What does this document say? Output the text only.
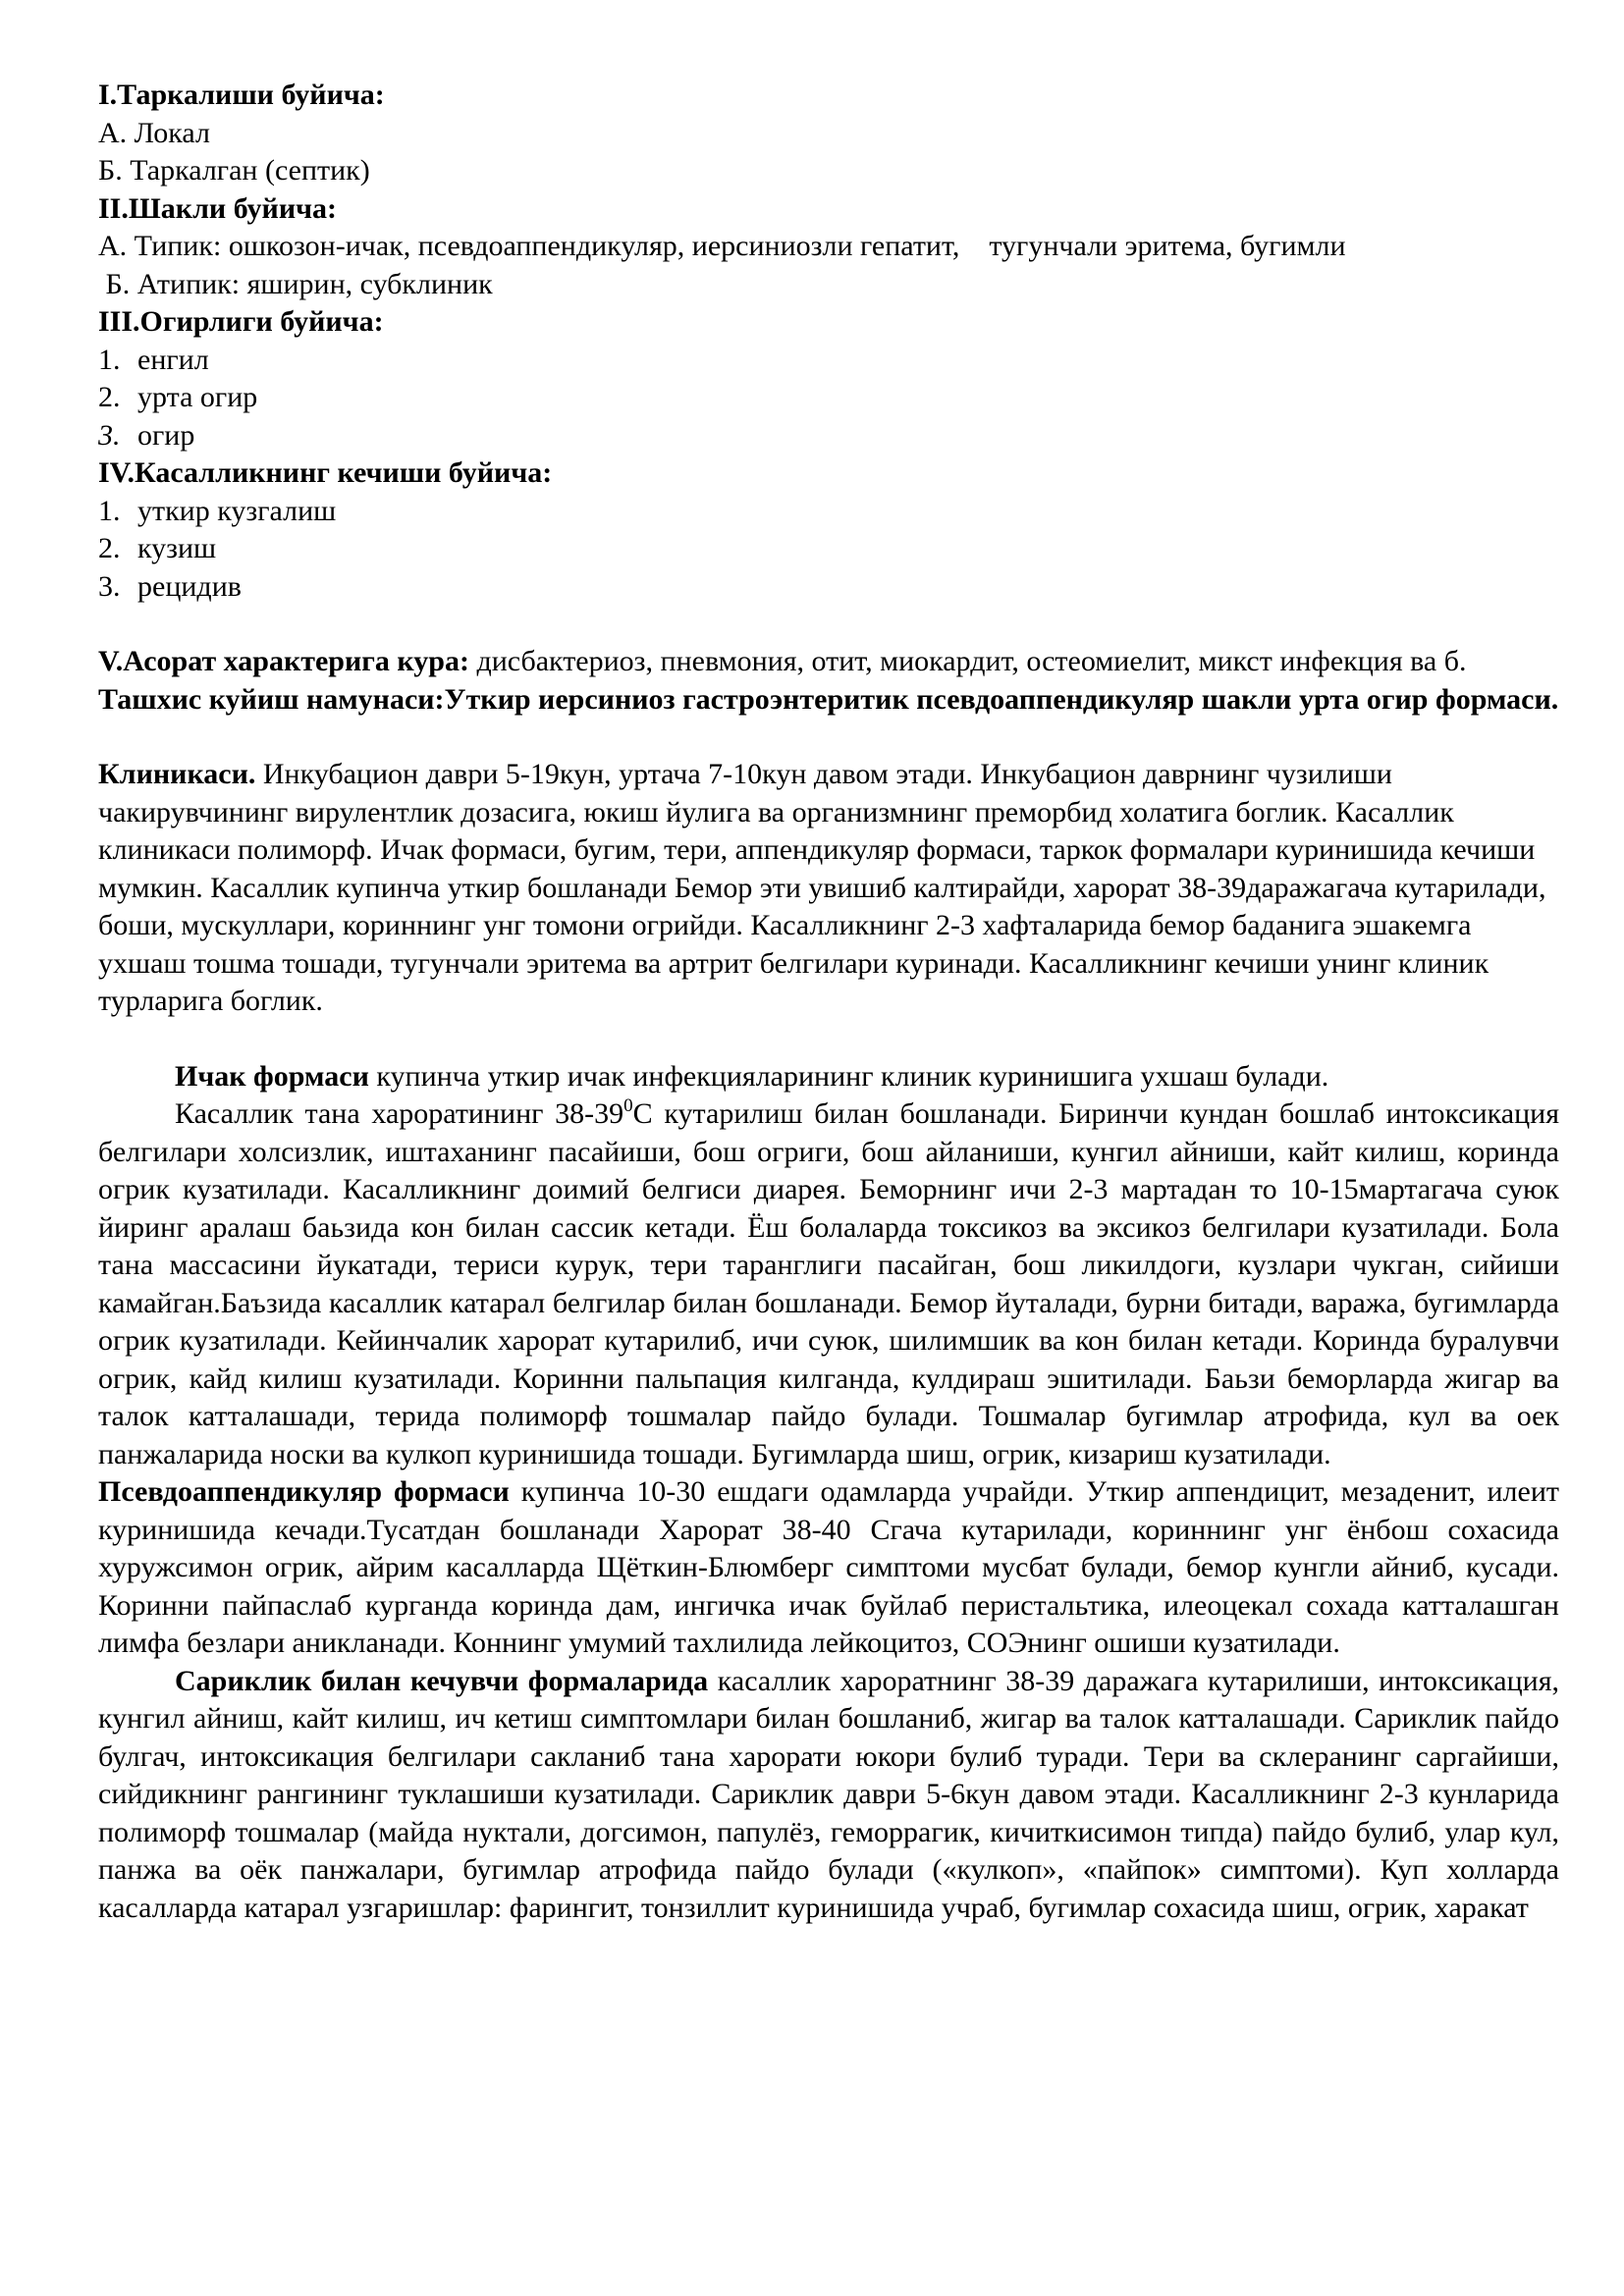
I.Таркалиши буйича:
А. Локал
Б. Таркалган (септик)
II.Шакли буйича:
А. Типик: ошкозон-ичак, псевдоаппендикуляр, иерсиниозли гепатит,    тугунчали эритема, бугимли
Б. Атипик: яширин, субклиник
III.Огирлиги буйича:
1. енгил
2. урта огир
3. огир
IV.Касалликнинг кечиши буйича:
1. уткир кузгалиш
2. кузиш
3. рецидив
V.Асорат характерига кура: дисбактериоз, пневмония, отит, миокардит, остеомиелит, микст инфекция ва б.
Ташхис куйиш намунаси:Уткир иерсиниоз гастроэнтеритик псевдоаппендикуляр шакли урта огир формаси.
Клиникаси. Инкубацион даври 5-19кун, уртача 7-10кун давом этади. Инкубацион даврнинг чузилиши чакирувчининг вирулентлик дозасига, юкиш йулига ва организмнинг преморбид холатига боглик. Касаллик клиникаси полиморф. Ичак формаси, бугим, тери, аппендикуляр формаси, таркок формалари куринишида кечиши мумкин. Касаллик купинча уткир бошланади Бемор эти увишиб калтирайди, харорат 38-39даражагача кутарилади, боши, мускуллари, кориннинг унг томони огрийди. Касалликнинг 2-3 хафталарида бемор баданига эшакемга ухшаш тошма тошади, тугунчали эритема ва артрит белгилари куринади. Касалликнинг кечиши унинг клиник турларига боглик.
Ичак формаси купинча уткир ичак инфекцияларининг клиник куринишига ухшаш булади.
Касаллик тана хароратининг $38-39^0С$ кутарилиш билан бошланади. Биринчи кундан бошлаб интоксикация белгилари холсизлик, иштаханинг пасайиши, бош огриги, бош айланиши, кунгил айниши, кайт килиш, коринда огрик кузатилади. Касалликнинг доимий белгиси диарея. Беморнинг ичи 2-3 мартадан то 10-15мартагача суюк йиринг аралаш баьзида кон билан сассик кетади. Ёш болаларда токсикоз ва эксикоз белгилари кузатилади. Бола тана массасини йукатади, териси курук, тери таранглиги пасайган, бош ликилдоги, кузлари чукган, сийиши камайган.Баъзида касаллик катарал белгилар билан бошланади. Бемор йуталади, бурни битади, ваража, бугимларда огрик кузатилади. Кейинчалик харорат кутарилиб, ичи суюк, шилимшик ва кон билан кетади. Коринда буралувчи огрик, кайд килиш кузатилади. Коринни пальпация килганда, кулдираш эшитилади. Баьзи беморларда жигар ва талок катталашади, терида полиморф тошмалар пайдо булади. Тошмалар бугимлар атрофида, кул ва оек панжаларида носки ва кулкоп куринишида тошади. Бугимларда шиш, огрик, кизариш кузатилади.
Псевдоаппендикуляр формаси купинча 10-30 ешдаги одамларда учрайди. Уткир аппендицит, мезаденит, илеит куринишида кечади.Тусатдан бошланади Харорат 38-40 Сгача кутарилади, кориннинг унг ёнбош сохасида хуружсимон огрик, айрим касалларда Щёткин-Блюмберг симптоми мусбат булади, бемор кунгли айниб, кусади. Коринни пайпаслаб курганда коринда дам, ингичка ичак буйлаб перистальтика, илеоцекал сохада катталашган лимфа безлари аникланади. Коннинг умумий тахлилида лейкоцитоз, СОЭнинг ошиши кузатилади.
Сариклик билан кечувчи формаларида касаллик хароратнинг 38-39 даражага кутарилиши, интоксикация, кунгил айниш, кайт килиш, ич кетиш симптомлари билан бошланиб, жигар ва талок катталашади. Сариклик пайдо булгач, интоксикация белгилари сакланиб тана харорати юкори булиб туради. Тери ва склеранинг саргайиши, сийдикнинг рангининг туклашиши кузатилади. Сариклик даври 5-6кун давом этади. Касалликнинг 2-3 кунларида полиморф тошмалар (майда нуктали, догсимон, папулёз, геморрагик, кичиткисимон типда) пайдо булиб, улар кул, панжа ва оёк панжалари, бугимлар атрофида пайдо булади («кулкоп», «пайпок» симптоми). Куп холларда касалларда катарал узгаришлар: фарингит, тонзиллит куринишида учраб, бугимлар сохасида шиш, огрик, харакат
